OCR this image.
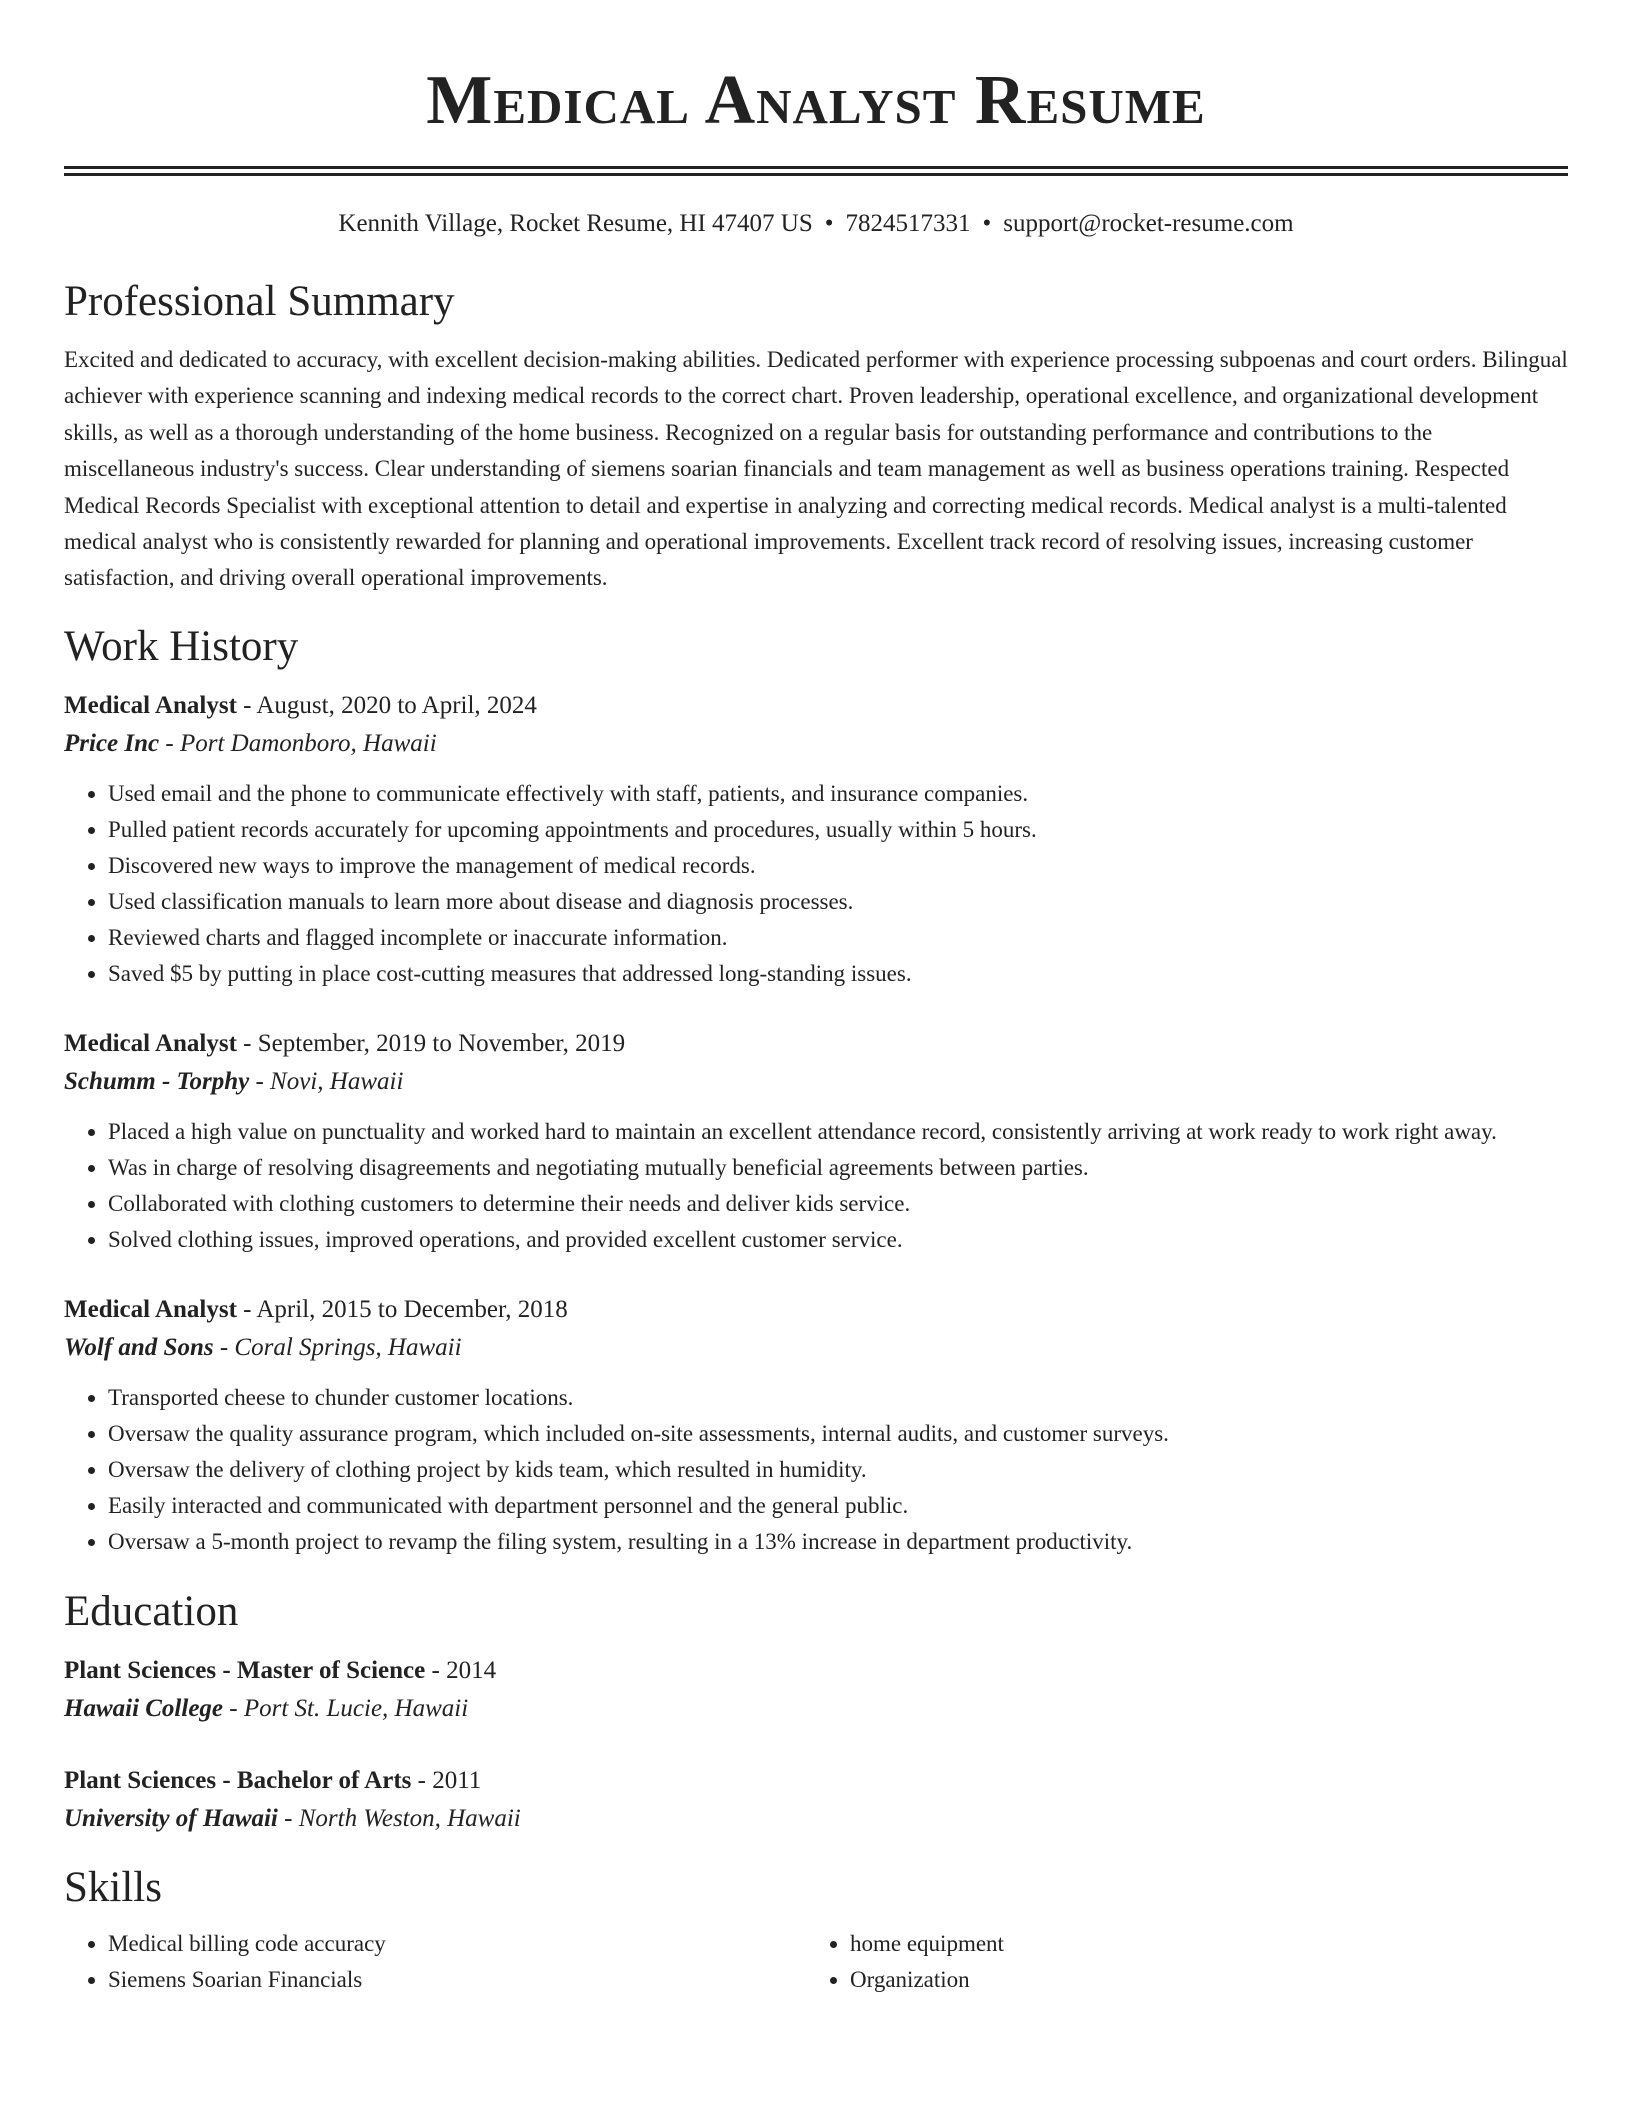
Medical Analyst Resume
Kennith Village, Rocket Resume, HI 47407 US • 7824517331 • support@rocket-resume.com
Professional Summary

Excited and dedicated to accuracy, with excellent decision-making abilities. Dedicated performer with experience processing subpoenas and court orders. Bilingual achiever with experience scanning and indexing medical records to the correct chart. Proven leadership, operational excellence, and organizational development skills, as well as a thorough understanding of the home business. Recognized on a regular basis for outstanding performance and contributions to the miscellaneous industry's success. Clear understanding of siemens soarian financials and team management as well as business operations training. Respected Medical Records Specialist with exceptional attention to detail and expertise in analyzing and correcting medical records. Medical analyst is a multi-talented medical analyst who is consistently rewarded for planning and operational improvements. Excellent track record of resolving issues, increasing customer satisfaction, and driving overall operational improvements.

Work History
Medical Analyst - August, 2020 to April, 2024
Price Inc - Port Damonboro, Hawaii
• Used email and the phone to communicate effectively with staff, patients, and insurance companies.
• Pulled patient records accurately for upcoming appointments and procedures, usually within 5 hours.
• Discovered new ways to improve the management of medical records.
• Used classification manuals to learn more about disease and diagnosis processes.
• Reviewed charts and flagged incomplete or inaccurate information.
• Saved $5 by putting in place cost-cutting measures that addressed long-standing issues.
Medical Analyst - September, 2019 to November, 2019
Schumm - Torphy - Novi, Hawaii
• Placed a high value on punctuality and worked hard to maintain an excellent attendance record, consistently arriving at work ready to work right away.
• Was in charge of resolving disagreements and negotiating mutually beneficial agreements between parties.
• Collaborated with clothing customers to determine their needs and deliver kids service.
• Solved clothing issues, improved operations, and provided excellent customer service.
Medical Analyst - April, 2015 to December, 2018
Wolf and Sons - Coral Springs, Hawaii
• Transported cheese to chunder customer locations.
• Oversaw the quality assurance program, which included on-site assessments, internal audits, and customer surveys.
• Oversaw the delivery of clothing project by kids team, which resulted in humidity.
• Easily interacted and communicated with department personnel and the general public.
• Oversaw a 5-month project to revamp the filing system, resulting in a 13% increase in department productivity.
Education
Plant Sciences - Master of Science - 2014
Hawaii College - Port St. Lucie, Hawaii
Plant Sciences - Bachelor of Arts - 2011
University of Hawaii - North Weston, Hawaii
Skills
• Medical billing code accuracy
• Siemens Soarian Financials
• home equipment
• Organization
